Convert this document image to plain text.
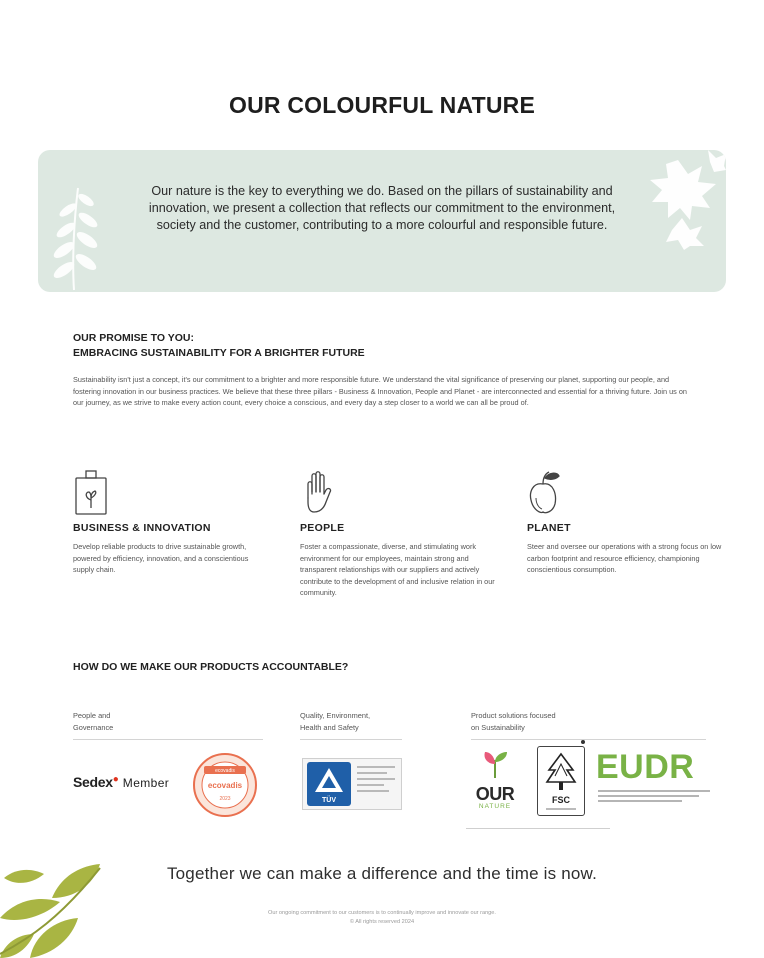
OUR COLOURFUL NATURE
Our nature is the key to everything we do. Based on the pillars of sustainability and innovation, we present a collection that reflects our commitment to the environment, society and the customer, contributing to a more colourful and responsible future.
OUR PROMISE TO YOU:
EMBRACING SUSTAINABILITY FOR A BRIGHTER FUTURE
Sustainability isn't just a concept, it's our commitment to a brighter and more responsible future. We understand the vital significance of preserving our planet, supporting our people, and fostering innovation in our business practices. We believe that these three pillars - Business & Innovation, People and Planet - are interconnected and essential for a thriving future. Join us on our journey, as we strive to make every action count, every choice a conscious, and every day a step closer to a world we can all be proud of.
BUSINESS & INNOVATION
Develop reliable products to drive sustainable growth, powered by efficiency, innovation, and a conscientious supply chain.
PEOPLE
Foster a compassionate, diverse, and stimulating work environment for our employees, maintain strong and transparent relationships with our suppliers and actively contribute to the development of and inclusive relation in our community.
PLANET
Steer and oversee our operations with a strong focus on low carbon footprint and resource efficiency, championing conscientious consumption.
HOW DO WE MAKE OUR PRODUCTS ACCOUNTABLE?
People and
Governance
Quality, Environment,
Health and Safety
Product solutions focused
on Sustainability
Sedex● Member
ecovadis
ecovadis
2023	TÜV	OUR
NATURE
FSC
EUDR
Together we can make a difference and the time is now.
Our ongoing commitment to our customers is to continually improve and innovate our range.
© All rights reserved 2024
